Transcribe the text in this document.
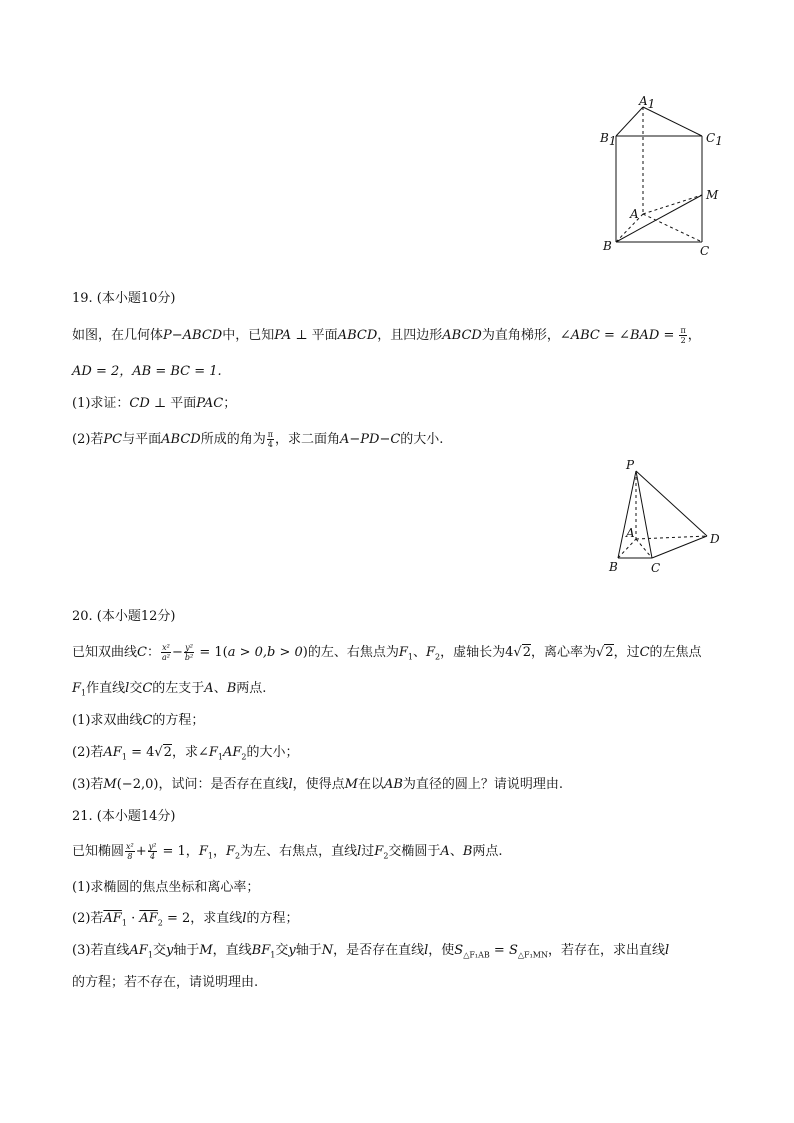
A1
B1	C1
M
A
B	C
19. (本小题10分)
如图，在几何体P−ABCD中，已知PA ⊥ 平面ABCD，且四边形ABCD为直角梯形，∠ABC = ∠BAD = $\frac{\pi}{2}$ ，
AD = 2，AB = BC = 1.
(1)求证：CD ⊥ 平面PAC；
(2)若PC与平面ABCD所成的角为 $\frac{\pi}{4}$ ，求二面角A−PD−C的大小.
P
A
B	C
D
20. (本小题12分)
已知双曲线C： $\frac{\text{x²}}{\text{a²}} - \frac{\text{y²}}{\text{b²}} = 1(a > 0,b > 0)$的左、右焦点为$F_1$、$F_2$，虚轴长为4√2，离心率为√2，过C的左焦点
$F_1$作直线l交C的左支于A、B两点.
(1)求双曲线C的方程；
(2)若$AF_1 = 4√2$，求$\angle F_1AF_2$的大小；
(3)若M(−2,0)，试问：是否存在直线l，使得点M在以AB为直径的圆上？请说明理由.
21. (本小题14分)
已知椭圆 $\frac{\text{x²}}{8} + \frac{\text{y²}}{4} = 1$，$F_1$，$F_2$为左、右焦点，直线l过$F_2$交椭圆于A、B两点.
(1)求椭圆的焦点坐标和离心率；
(2)若$\overline{AF}_1 \cdot \overline{AF}_2 = 2$，求直线l的方程；
(3)若直线$AF_1$交y轴于M，直线$BF_1$交y轴于N，是否存在直线l，使$S_{\triangle F_1AB} = S_{\triangle F_1MN}$，若存在，求出直线l
的方程；若不存在，请说明理由.
